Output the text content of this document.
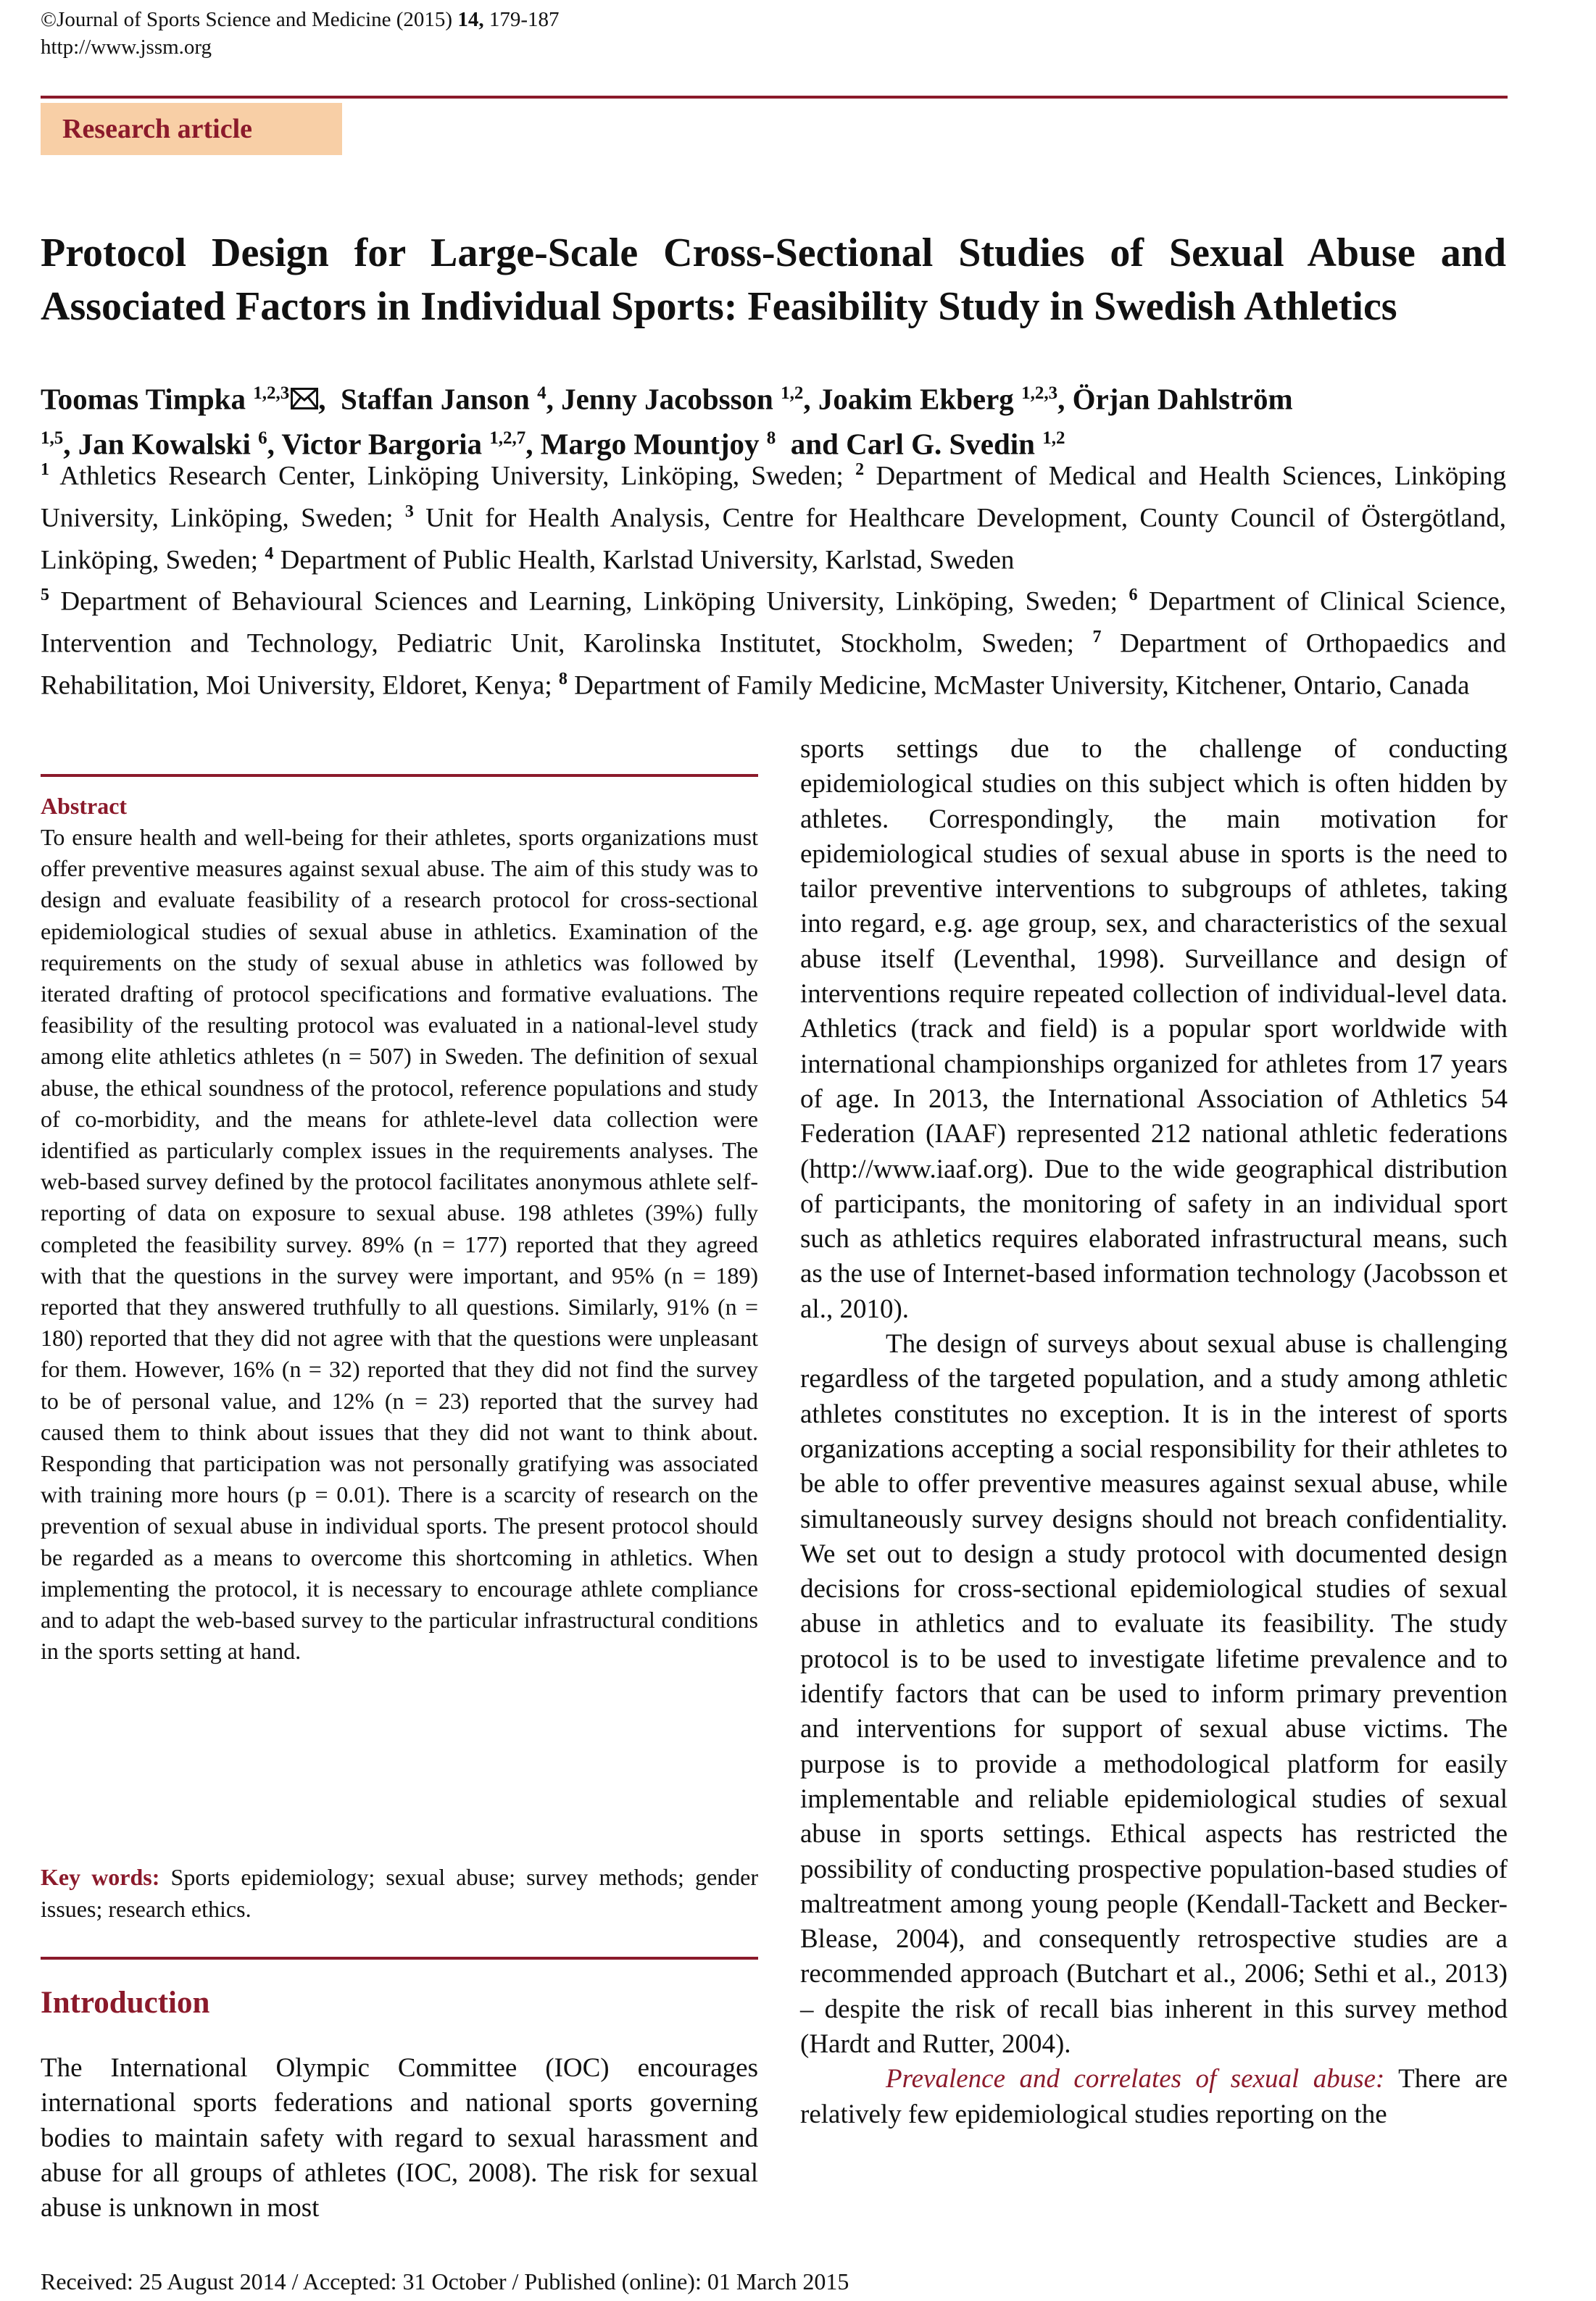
©Journal of Sports Science and Medicine (2015) 14, 179-187
http://www.jssm.org
Research article
Protocol Design for Large-Scale Cross-Sectional Studies of Sexual Abuse and Associated Factors in Individual Sports: Feasibility Study in Swedish Athletics
Toomas Timpka $^{1,2,3}$ ,  Staffan Janson $^4$, Jenny Jacobsson $^{1,2}$, Joakim Ekberg $^{1,2,3}$, Örjan Dahlström
$^{1,5}$, Jan Kowalski $^6$, Victor Bargoria $^{1,2,7}$, Margo Mountjoy $^8$ and Carl G. Svedin $^{1,2}$
$^1$ Athletics Research Center, Linköping University, Linköping, Sweden; $^2$ Department of Medical and Health Sciences, Linköping University, Linköping, Sweden; $^3$ Unit for Health Analysis, Centre for Healthcare Development, County Council of Östergötland, Linköping, Sweden; $^4$ Department of Public Health, Karlstad University, Karlstad, Sweden
$^5$ Department of Behavioural Sciences and Learning, Linköping University, Linköping, Sweden; $^6$ Department of Clinical Science, Intervention and Technology, Pediatric Unit, Karolinska Institutet, Stockholm, Sweden; $^7$ Department of Orthopaedics and Rehabilitation, Moi University, Eldoret, Kenya; $^8$ Department of Family Medicine, McMaster University, Kitchener, Ontario, Canada
Abstract
To ensure health and well-being for their athletes, sports organizations must offer preventive measures against sexual abuse. The aim of this study was to design and evaluate feasibility of a research protocol for cross-sectional epidemiological studies of sexual abuse in athletics. Examination of the requirements on the study of sexual abuse in athletics was followed by iterated drafting of protocol specifications and formative evaluations. The feasibility of the resulting protocol was evaluated in a national-level study among elite athletics athletes (n = 507) in Sweden. The definition of sexual abuse, the ethical soundness of the protocol, reference populations and study of co-morbidity, and the means for athlete-level data collection were identified as particularly complex issues in the requirements analyses. The web-based survey defined by the protocol facilitates anonymous athlete self-reporting of data on exposure to sexual abuse. 198 athletes (39%) fully completed the feasibility survey. 89% (n = 177) reported that they agreed with that the questions in the survey were important, and 95% (n = 189) reported that they answered truthfully to all questions. Similarly, 91% (n = 180) reported that they did not agree with that the questions were unpleasant for them. However, 16% (n = 32) reported that they did not find the survey to be of personal value, and 12% (n = 23) reported that the survey had caused them to think about issues that they did not want to think about. Responding that participation was not personally gratifying was associated with training more hours (p = 0.01). There is a scarcity of research on the prevention of sexual abuse in individual sports. The present protocol should be regarded as a means to overcome this shortcoming in athletics. When implementing the protocol, it is necessary to encourage athlete compliance and to adapt the web-based survey to the particular infrastructural conditions in the sports setting at hand.
Key words: Sports epidemiology; sexual abuse; survey methods; gender issues; research ethics.
Introduction
The International Olympic Committee (IOC) encourages international sports federations and national sports governing bodies to maintain safety with regard to sexual harassment and abuse for all groups of athletes (IOC, 2008). The risk for sexual abuse is unknown in most

sports settings due to the challenge of conducting epidemiological studies on this subject which is often hidden by athletes. Correspondingly, the main motivation for epidemiological studies of sexual abuse in sports is the need to tailor preventive interventions to subgroups of athletes, taking into regard, e.g. age group, sex, and characteristics of the sexual abuse itself (Leventhal, 1998). Surveillance and design of interventions require repeated collection of individual-level data. Athletics (track and field) is a popular sport worldwide with international championships organized for athletes from 17 years of age. In 2013, the International Association of Athletics 54 Federation (IAAF) represented 212 national athletic federations (http://www.iaaf.org). Due to the wide geographical distribution of participants, the monitoring of safety in an individual sport such as athletics requires elaborated infrastructural means, such as the use of Internet-based information technology (Jacobsson et al., 2010).

The design of surveys about sexual abuse is challenging regardless of the targeted population, and a study among athletic athletes constitutes no exception. It is in the interest of sports organizations accepting a social responsibility for their athletes to be able to offer preventive measures against sexual abuse, while simultaneously survey designs should not breach confidentiality. We set out to design a study protocol with documented design decisions for cross-sectional epidemiological studies of sexual abuse in athletics and to evaluate its feasibility. The study protocol is to be used to investigate lifetime prevalence and to identify factors that can be used to inform primary prevention and interventions for support of sexual abuse victims. The purpose is to provide a methodological platform for easily implementable and reliable epidemiological studies of sexual abuse in sports settings. Ethical aspects has restricted the possibility of conducting prospective population-based studies of maltreatment among young people (Kendall-Tackett and Becker-Blease, 2004), and consequently retrospective studies are a recommended approach (Butchart et al., 2006; Sethi et al., 2013) – despite the risk of recall bias inherent in this survey method (Hardt and Rutter, 2004).

Prevalence and correlates of sexual abuse: There are relatively few epidemiological studies reporting on the

Received: 25 August 2014 / Accepted: 31 October / Published (online): 01 March 2015
